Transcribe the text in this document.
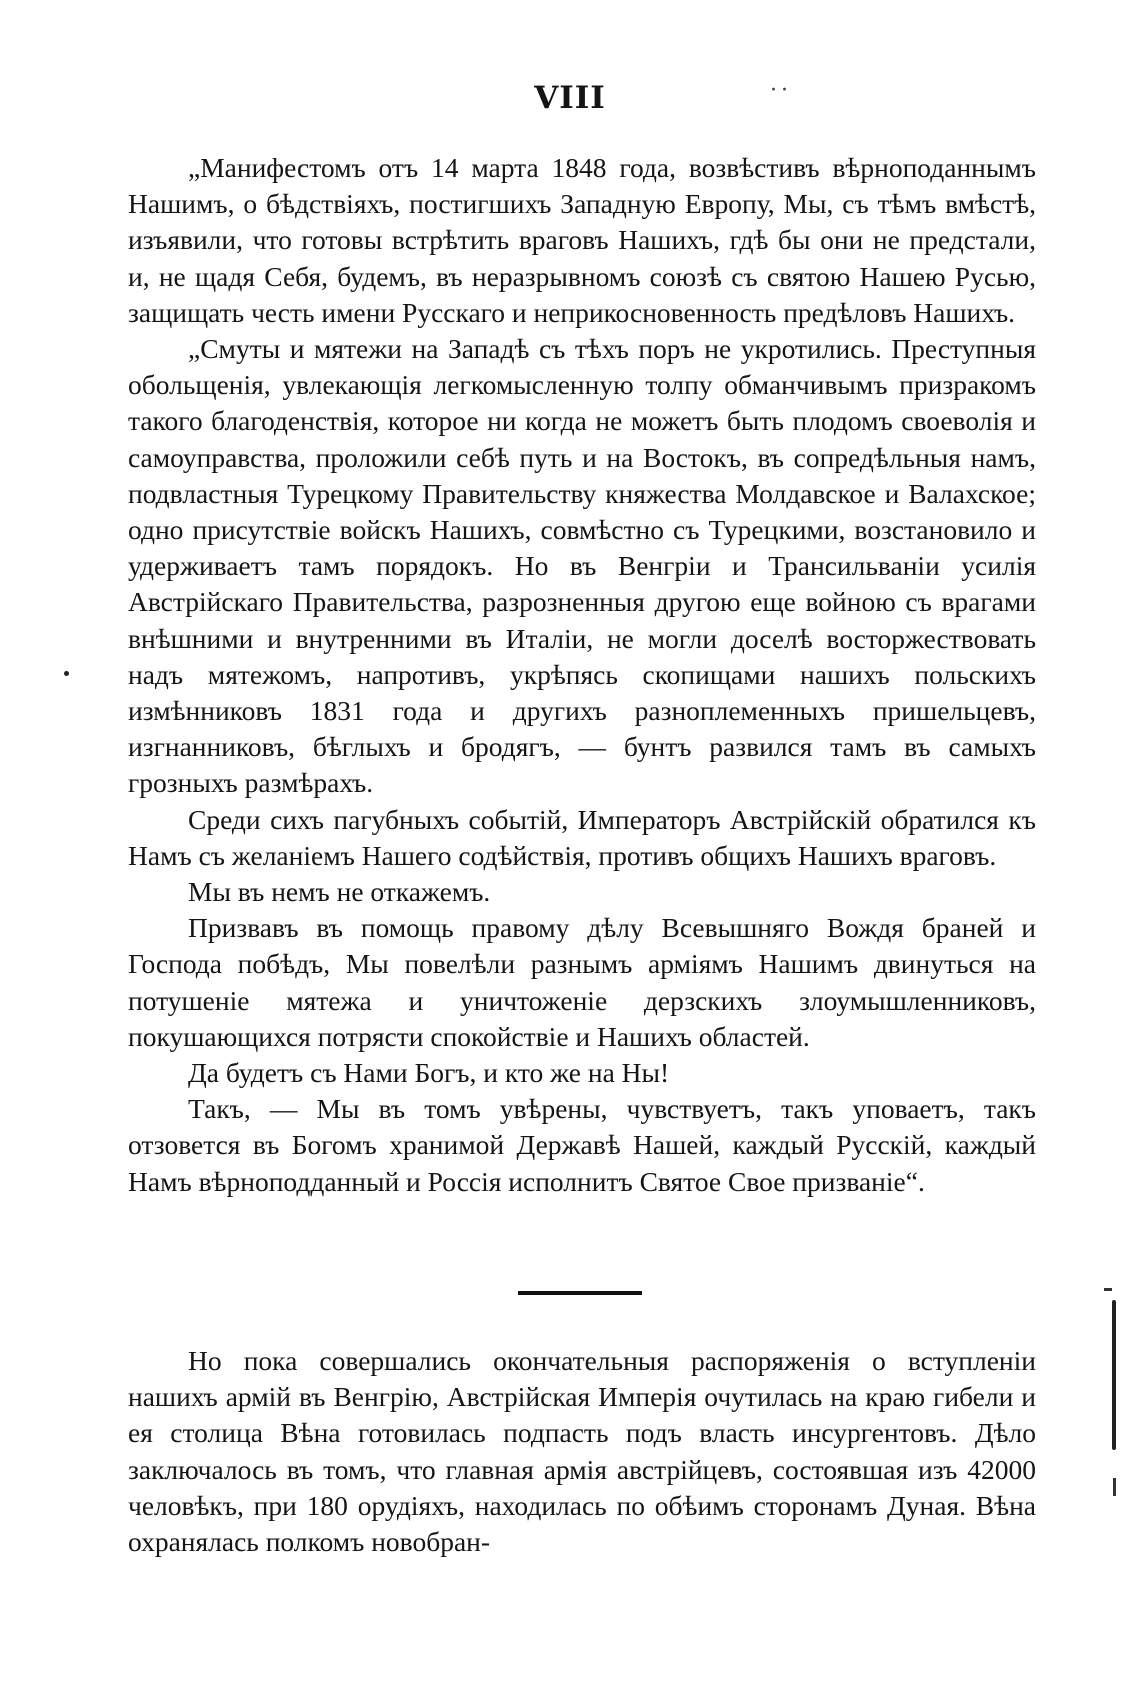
VIII	··

„Манифестомъ отъ 14 марта 1848 года, возвѣстивъ вѣрноподаннымъ Нашимъ, о бѣдствіяхъ, постигшихъ Западную Европу, Мы, съ тѣмъ вмѣстѣ, изъявили, что готовы встрѣтить враговъ Нашихъ, гдѣ бы они не предстали, и, не щадя Себя, будемъ, въ неразрывномъ союзѣ съ святою Нашею Русью, защищать честь имени Русскаго и неприкосновенность предѣловъ Нашихъ.

„Смуты и мятежи на Западѣ съ тѣхъ поръ не укротились. Преступныя обольщенія, увлекающія легкомысленную толпу обманчивымъ призракомъ такого благоденствія, которое ни когда не можетъ быть плодомъ своеволія и самоуправства, проложили себѣ путь и на Востокъ, въ сопредѣльныя намъ, подвластныя Турецкому Правительству княжества Молдавское и Валахское; одно присутствіе войскъ Нашихъ, совмѣстно съ Турецкими, возстановило и удерживаетъ тамъ порядокъ. Но въ Венгріи и Трансильваніи усилія Австрійскаго Правительства, разрозненныя другою еще войною съ врагами внѣшними и внутренними въ Италіи, не могли доселѣ восторжествовать надъ мятежомъ, напротивъ, укрѣпясь скопищами нашихъ польскихъ измѣнниковъ 1831 года и другихъ разноплеменныхъ пришельцевъ, изгнанниковъ, бѣглыхъ и бродягъ, — бунтъ развился тамъ въ самыхъ грозныхъ размѣрахъ.

Среди сихъ пагубныхъ событій, Императоръ Австрійскій обратился къ Намъ съ желаніемъ Нашего содѣйствія, противъ общихъ Нашихъ враговъ.

Мы въ немъ не откажемъ.

Призвавъ въ помощь правому дѣлу Всевышняго Вождя браней и Господа побѣдъ, Мы повелѣли разнымъ арміямъ Нашимъ двинуться на потушеніе мятежа и уничтоженіе дерзскихъ злоумышленниковъ, покушающихся потрясти спокойствіе и Нашихъ областей.

Да будетъ съ Нами Богъ, и кто же на Ны!

Такъ, — Мы въ томъ увѣрены, чувствуетъ, такъ уповаетъ, такъ отзовется въ Богомъ хранимой Державѣ Нашей, каждый Русскій, каждый Намъ вѣрноподданный и Россія исполнитъ Святое Свое призваніе“.

Но пока совершались окончательныя распоряженія о вступленіи нашихъ армій въ Венгрію, Австрійская Имперія очутилась на краю гибели и ея столица Вѣна готовилась подпасть подъ власть инсургентовъ. Дѣло заключалось въ томъ, что главная армія австрійцевъ, состоявшая изъ 42000 человѣкъ, при 180 орудіяхъ, находилась по обѣимъ сторонамъ Дуная. Вѣна охранялась полкомъ новобран-
